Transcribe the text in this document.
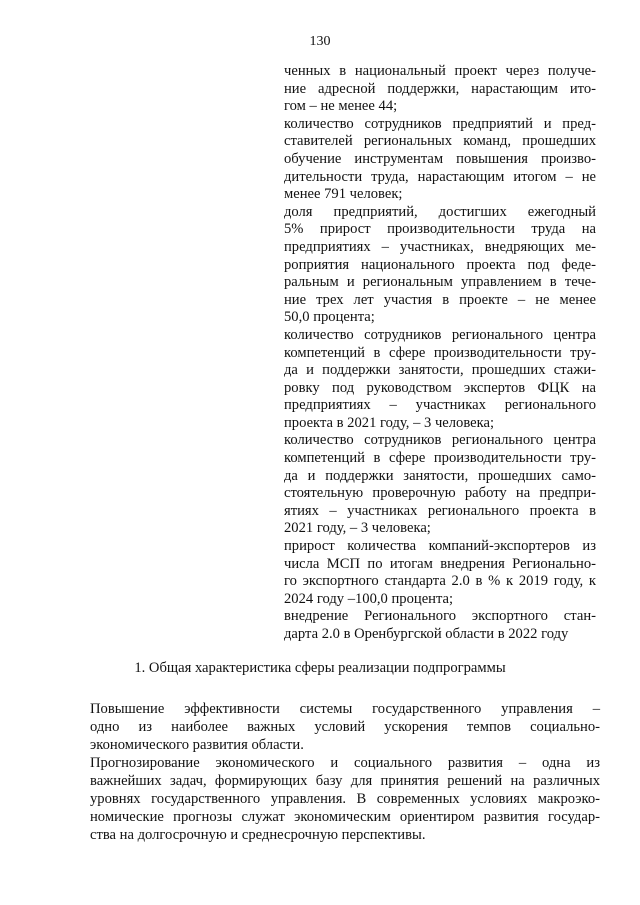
130
ченных в национальный проект через получе-
ние адресной поддержки, нарастающим ито-
гом – не менее 44;
количество сотрудников предприятий и пред-
ставителей региональных команд, прошедших
обучение инструментам повышения произво-
дительности труда, нарастающим итогом – не
менее 791 человек;
доля предприятий, достигших ежегодный
5% прирост производительности труда на
предприятиях – участниках, внедряющих ме-
роприятия национального проекта под феде-
ральным и региональным управлением в тече-
ние трех лет участия в проекте – не менее
50,0 процента;
количество сотрудников регионального центра
компетенций в сфере производительности тру-
да и поддержки занятости, прошедших стажи-
ровку под руководством экспертов ФЦК на
предприятиях – участниках регионального
проекта в 2021 году, – 3 человека;
количество сотрудников регионального центра
компетенций в сфере производительности тру-
да и поддержки занятости, прошедших само-
стоятельную проверочную работу на предпри-
ятиях – участниках регионального проекта в
2021 году, – 3 человека;
прирост количества компаний-экспортеров из
числа МСП по итогам внедрения Регионально-
го экспортного стандарта 2.0 в % к 2019 году, к
2024 году –100,0 процента;
внедрение Регионального экспортного стан-
дарта 2.0 в Оренбургской области в 2022 году
1. Общая характеристика сферы реализации подпрограммы
Повышение эффективности системы государственного управления –
одно из наиболее важных условий ускорения темпов социально-
экономического развития области.
Прогнозирование экономического и социального развития – одна из
важнейших задач, формирующих базу для принятия решений на различных
уровнях государственного управления. В современных условиях макроэко-
номические прогнозы служат экономическим ориентиром развития государ-
ства на долгосрочную и среднесрочную перспективы.
